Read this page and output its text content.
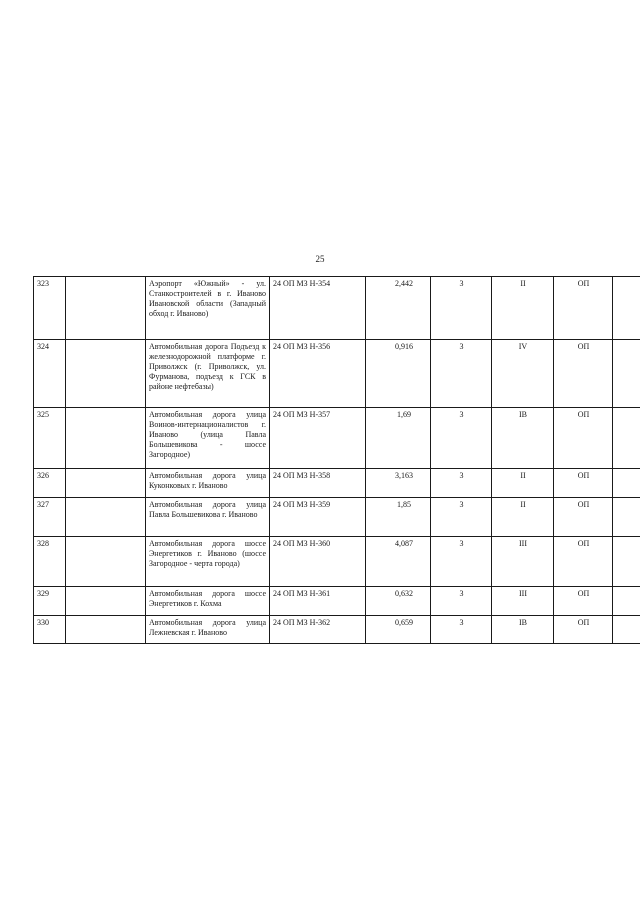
25
323		Аэропорт «Южный» - ул. Станкостроителей в г. Иваново Ивановской области (Западный обход г. Иваново)	24 ОП МЗ Н-354	2,442	3	II	ОП	
324		Автомобильная дорога Подъезд к железнодорожной платформе г. Приволжск (г. Приволжск, ул. Фурманова, подъезд к ГСК в районе нефтебазы)	24 ОП МЗ Н-356	0,916	3	IV	ОП	
325		Автомобильная дорога улица Воинов-интернационалистов г. Иваново (улица Павла Большевикова - шоссе Загородное)	24 ОП МЗ Н-357	1,69	3	IB	ОП	
326		Автомобильная дорога улица Куконковых г. Иваново	24 ОП МЗ Н-358	3,163	3	II	ОП	
327		Автомобильная дорога улица Павла Большевикова г. Иваново	24 ОП МЗ Н-359	1,85	3	II	ОП	
328		Автомобильная дорога шоссе Энергетиков г. Иваново (шоссе Загородное - черта города)	24 ОП МЗ Н-360	4,087	3	III	ОП	
329		Автомобильная дорога шоссе Энергетиков г. Кохма	24 ОП МЗ Н-361	0,632	3	III	ОП	
330		Автомобильная дорога улица Лежневская г. Иваново	24 ОП МЗ Н-362	0,659	3	IB	ОП	
